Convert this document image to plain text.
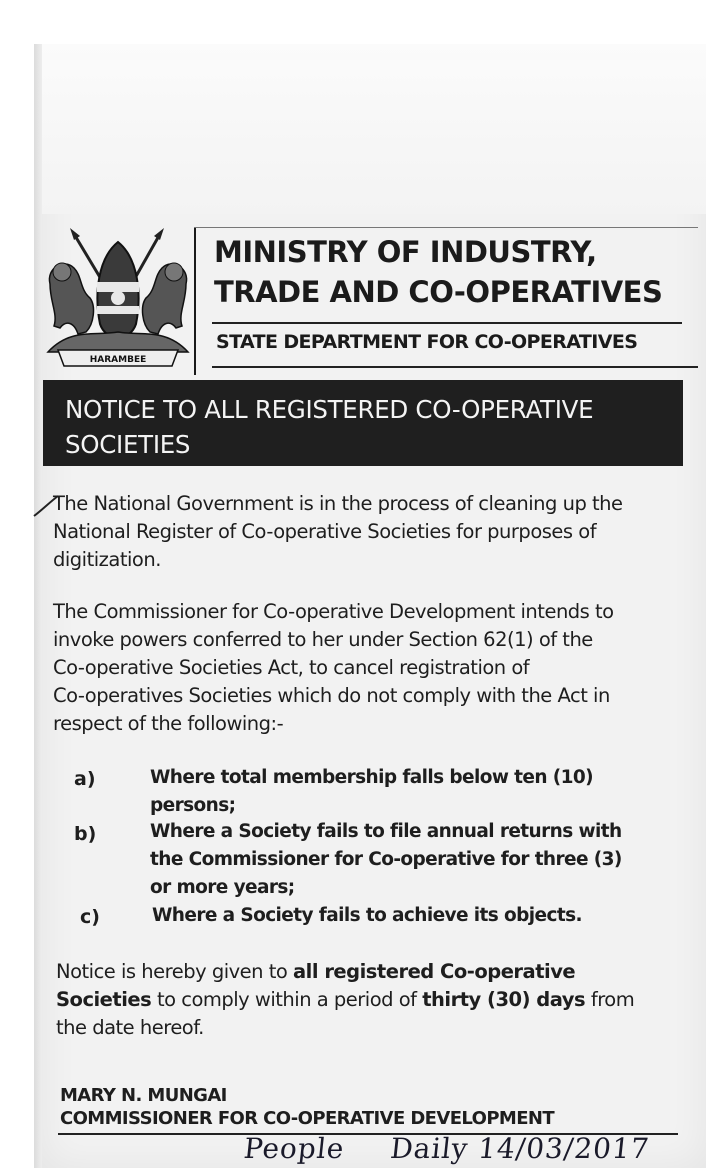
HARAMBEE
MINISTRY OF INDUSTRY,
TRADE AND CO-OPERATIVES
STATE DEPARTMENT FOR CO-OPERATIVES
NOTICE TO ALL REGISTERED CO-OPERATIVE
SOCIETIES
The National Government is in the process of cleaning up the
National Register of Co-operative Societies for purposes of
digitization.
The Commissioner for Co-operative Development intends to
invoke powers conferred to her under Section 62(1) of the
Co-operative Societies Act, to cancel registration of
Co-operatives Societies which do not comply with the Act in
respect of the following:-
a)	Where total membership falls below ten (10)
persons;
b)	Where a Society fails to file annual returns with
the Commissioner for Co-operative for three (3)
or more years;
c)	Where a Society fails to achieve its objects.
Notice is hereby given to all registered Co-operative
Societies to comply within a period of thirty (30) days from
the date hereof.
MARY N. MUNGAI
COMMISSIONER FOR CO-OPERATIVE DEVELOPMENT
People Daily 14/03/2017
